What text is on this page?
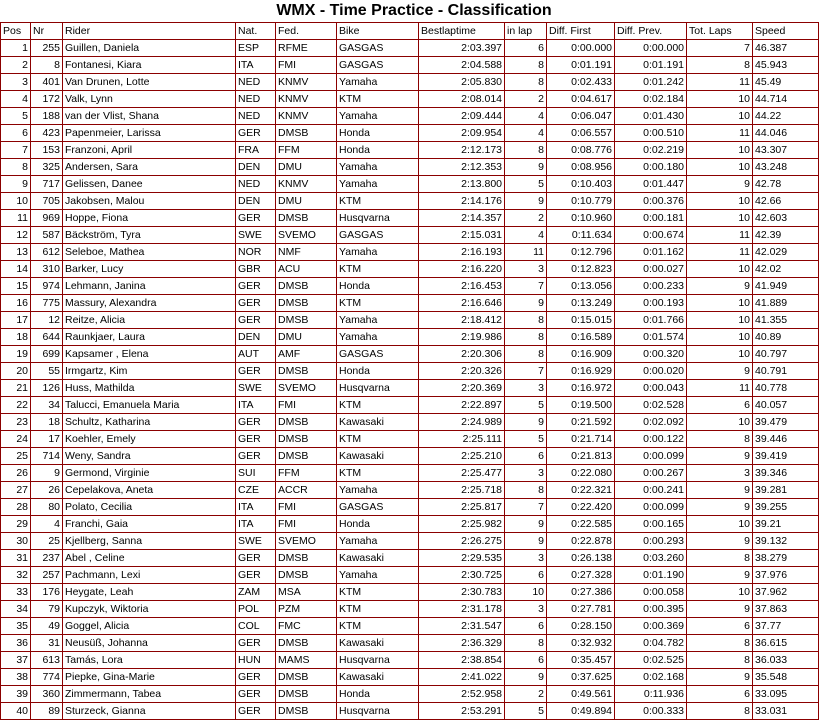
WMX - Time Practice - Classification
Pos	Nr	Rider	Nat.	Fed.	Bike	Bestlaptime	in lap	Diff. First	Diff. Prev.	Tot. Laps	Speed
1	255	Guillen, Daniela	ESP	RFME	GASGAS	2:03.397	6	0:00.000	0:00.000	7	46.387
2	8	Fontanesi, Kiara	ITA	FMI	GASGAS	2:04.588	8	0:01.191	0:01.191	8	45.943
3	401	Van Drunen, Lotte	NED	KNMV	Yamaha	2:05.830	8	0:02.433	0:01.242	11	45.49
4	172	Valk, Lynn	NED	KNMV	KTM	2:08.014	2	0:04.617	0:02.184	10	44.714
5	188	van der Vlist, Shana	NED	KNMV	Yamaha	2:09.444	4	0:06.047	0:01.430	10	44.22
6	423	Papenmeier, Larissa	GER	DMSB	Honda	2:09.954	4	0:06.557	0:00.510	11	44.046
7	153	Franzoni, April	FRA	FFM	Honda	2:12.173	8	0:08.776	0:02.219	10	43.307
8	325	Andersen, Sara	DEN	DMU	Yamaha	2:12.353	9	0:08.956	0:00.180	10	43.248
9	717	Gelissen, Danee	NED	KNMV	Yamaha	2:13.800	5	0:10.403	0:01.447	9	42.78
10	705	Jakobsen, Malou	DEN	DMU	KTM	2:14.176	9	0:10.779	0:00.376	10	42.66
11	969	Hoppe, Fiona	GER	DMSB	Husqvarna	2:14.357	2	0:10.960	0:00.181	10	42.603
12	587	Bäckström, Tyra	SWE	SVEMO	GASGAS	2:15.031	4	0:11.634	0:00.674	11	42.39
13	612	Seleboe, Mathea	NOR	NMF	Yamaha	2:16.193	11	0:12.796	0:01.162	11	42.029
14	310	Barker, Lucy	GBR	ACU	KTM	2:16.220	3	0:12.823	0:00.027	10	42.02
15	974	Lehmann, Janina	GER	DMSB	Honda	2:16.453	7	0:13.056	0:00.233	9	41.949
16	775	Massury, Alexandra	GER	DMSB	KTM	2:16.646	9	0:13.249	0:00.193	10	41.889
17	12	Reitze, Alicia	GER	DMSB	Yamaha	2:18.412	8	0:15.015	0:01.766	10	41.355
18	644	Raunkjaer, Laura	DEN	DMU	Yamaha	2:19.986	8	0:16.589	0:01.574	10	40.89
19	699	Kapsamer , Elena	AUT	AMF	GASGAS	2:20.306	8	0:16.909	0:00.320	10	40.797
20	55	Irmgartz, Kim	GER	DMSB	Honda	2:20.326	7	0:16.929	0:00.020	9	40.791
21	126	Huss, Mathilda	SWE	SVEMO	Husqvarna	2:20.369	3	0:16.972	0:00.043	11	40.778
22	34	Talucci, Emanuela Maria	ITA	FMI	KTM	2:22.897	5	0:19.500	0:02.528	6	40.057
23	18	Schultz, Katharina	GER	DMSB	Kawasaki	2:24.989	9	0:21.592	0:02.092	10	39.479
24	17	Koehler, Emely	GER	DMSB	KTM	2:25.111	5	0:21.714	0:00.122	8	39.446
25	714	Weny, Sandra	GER	DMSB	Kawasaki	2:25.210	6	0:21.813	0:00.099	9	39.419
26	9	Germond, Virginie	SUI	FFM	KTM	2:25.477	3	0:22.080	0:00.267	3	39.346
27	26	Cepelakova, Aneta	CZE	ACCR	Yamaha	2:25.718	8	0:22.321	0:00.241	9	39.281
28	80	Polato, Cecilia	ITA	FMI	GASGAS	2:25.817	7	0:22.420	0:00.099	9	39.255
29	4	Franchi, Gaia	ITA	FMI	Honda	2:25.982	9	0:22.585	0:00.165	10	39.21
30	25	Kjellberg, Sanna	SWE	SVEMO	Yamaha	2:26.275	9	0:22.878	0:00.293	9	39.132
31	237	Abel , Celine	GER	DMSB	Kawasaki	2:29.535	3	0:26.138	0:03.260	8	38.279
32	257	Pachmann, Lexi	GER	DMSB	Yamaha	2:30.725	6	0:27.328	0:01.190	9	37.976
33	176	Heygate, Leah	ZAM	MSA	KTM	2:30.783	10	0:27.386	0:00.058	10	37.962
34	79	Kupczyk, Wiktoria	POL	PZM	KTM	2:31.178	3	0:27.781	0:00.395	9	37.863
35	49	Goggel, Alicia	COL	FMC	KTM	2:31.547	6	0:28.150	0:00.369	6	37.77
36	31	Neusüß, Johanna	GER	DMSB	Kawasaki	2:36.329	8	0:32.932	0:04.782	8	36.615
37	613	Tamás, Lora	HUN	MAMS	Husqvarna	2:38.854	6	0:35.457	0:02.525	8	36.033
38	774	Piepke, Gina-Marie	GER	DMSB	Kawasaki	2:41.022	9	0:37.625	0:02.168	9	35.548
39	360	Zimmermann, Tabea	GER	DMSB	Honda	2:52.958	2	0:49.561	0:11.936	6	33.095
40	89	Sturzeck, Gianna	GER	DMSB	Husqvarna	2:53.291	5	0:49.894	0:00.333	8	33.031
